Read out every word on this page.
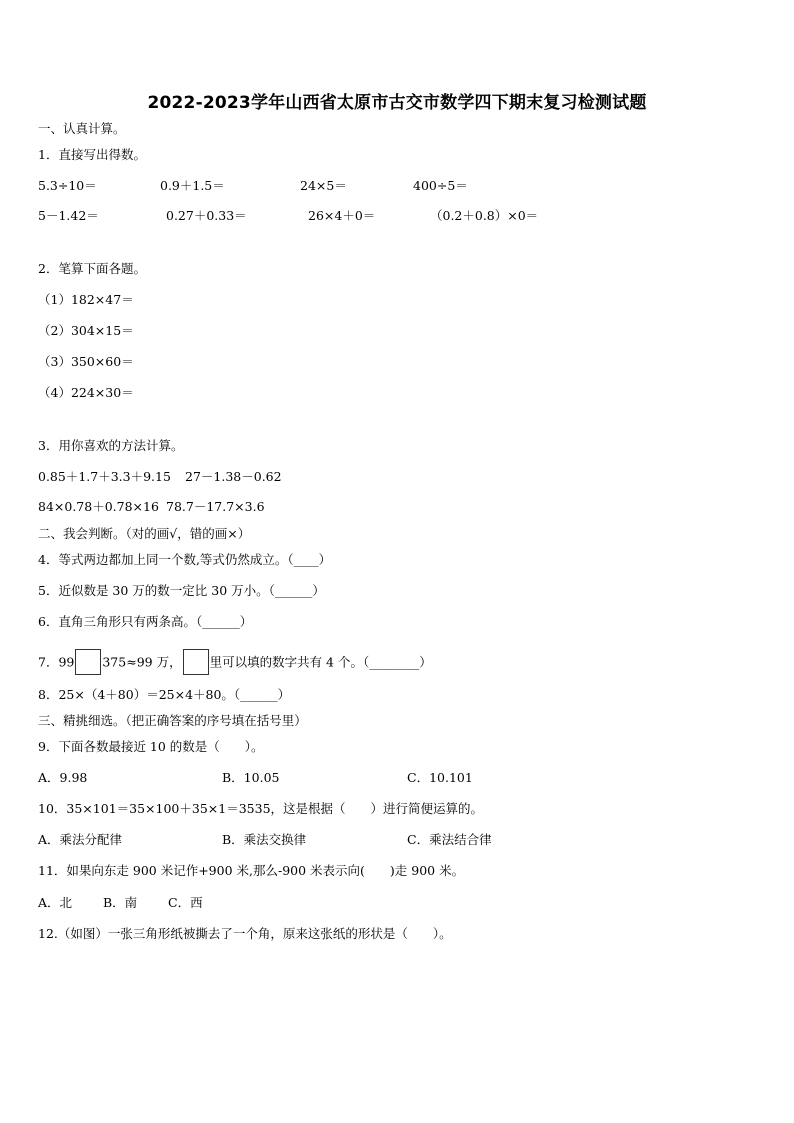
2022-2023学年山西省太原市古交市数学四下期末复习检测试题
一、认真计算。
1．直接写出得数。
5.3÷10＝	0.9＋1.5＝	24×5＝	400÷5＝
5－1.42＝	0.27＋0.33＝	26×4＋0＝	（0.2＋0.8）×0＝
2．笔算下面各题。
（1）182×47＝
（2）304×15＝
（3）350×60＝
（4）224×30＝
3．用你喜欢的方法计算。
0.85＋1.7＋3.3＋9.15 27－1.38－0.62
84×0.78＋0.78×16 78.7－17.7×3.6
二、我会判断。（对的画√，错的画×）
4．等式两边都加上同一个数,等式仍然成立。（____）
5．近似数是 30 万的数一定比 30 万小。（______）
6．直角三角形只有两条高。（______）
7．99 375≈99 万， 里可以填的数字共有 4 个。（________）
8．25×（4＋80）＝25×4＋80。（______）
三、精挑细选。（把正确答案的序号填在括号里）
9．下面各数最接近 10 的数是（　　）。
A．9.98	B．10.05	C．10.101
10．35×101＝35×100＋35×1＝3535，这是根据（　　）进行简便运算的。
A．乘法分配律	B．乘法交换律	C．乘法结合律
11．如果向东走 900 米记作+900 米,那么-900 米表示向(　　)走 900 米。
A．北 B．南 C．西
12.（如图）一张三角形纸被撕去了一个角，原来这张纸的形状是（　　）。
